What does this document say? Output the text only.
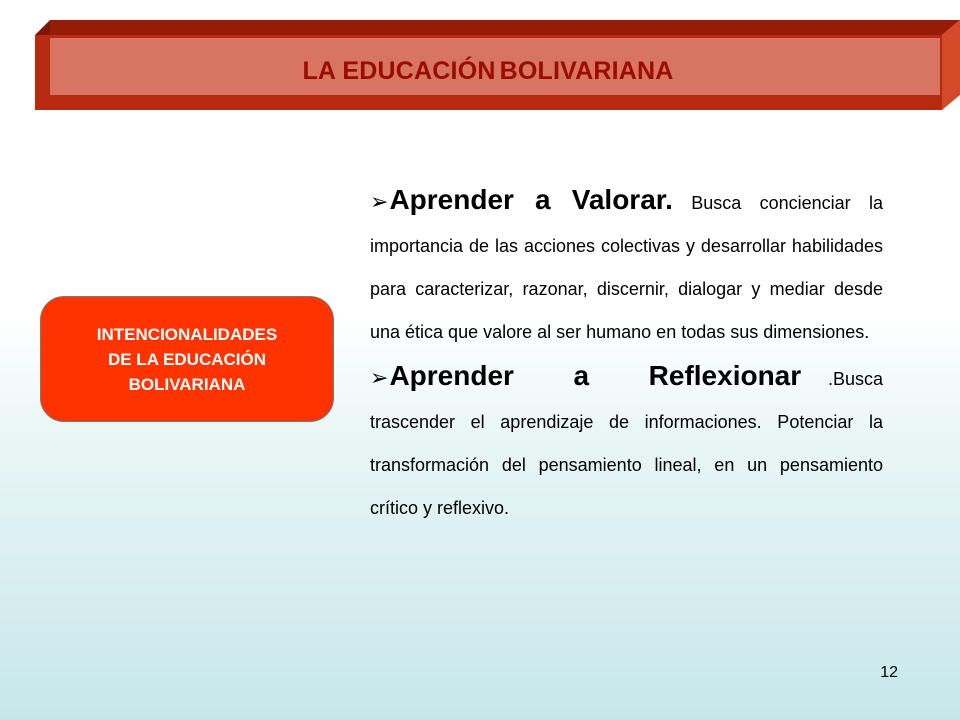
LA EDUCACIÓN BOLIVARIANA
INTENCIONALIDADES
DE LA EDUCACIÓN
BOLIVARIANA

➢Aprender a Valorar. Busca concienciar la importancia de las acciones colectivas y desarrollar habilidades para caracterizar, razonar, discernir, dialogar y mediar desde una ética que valore al ser humano en todas sus dimensiones.

➢Aprender a Reflexionar .Busca trascender el aprendizaje de informaciones. Potenciar la transformación del pensamiento lineal, en un pensamiento crítico y reflexivo.

12
